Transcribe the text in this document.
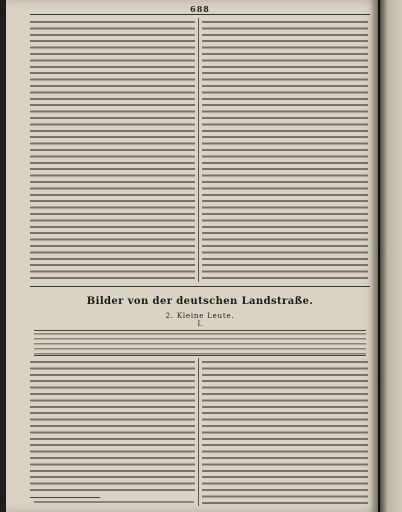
688
Bilder von der deutschen Landstraße.
2. Kleine Leute.
I.
